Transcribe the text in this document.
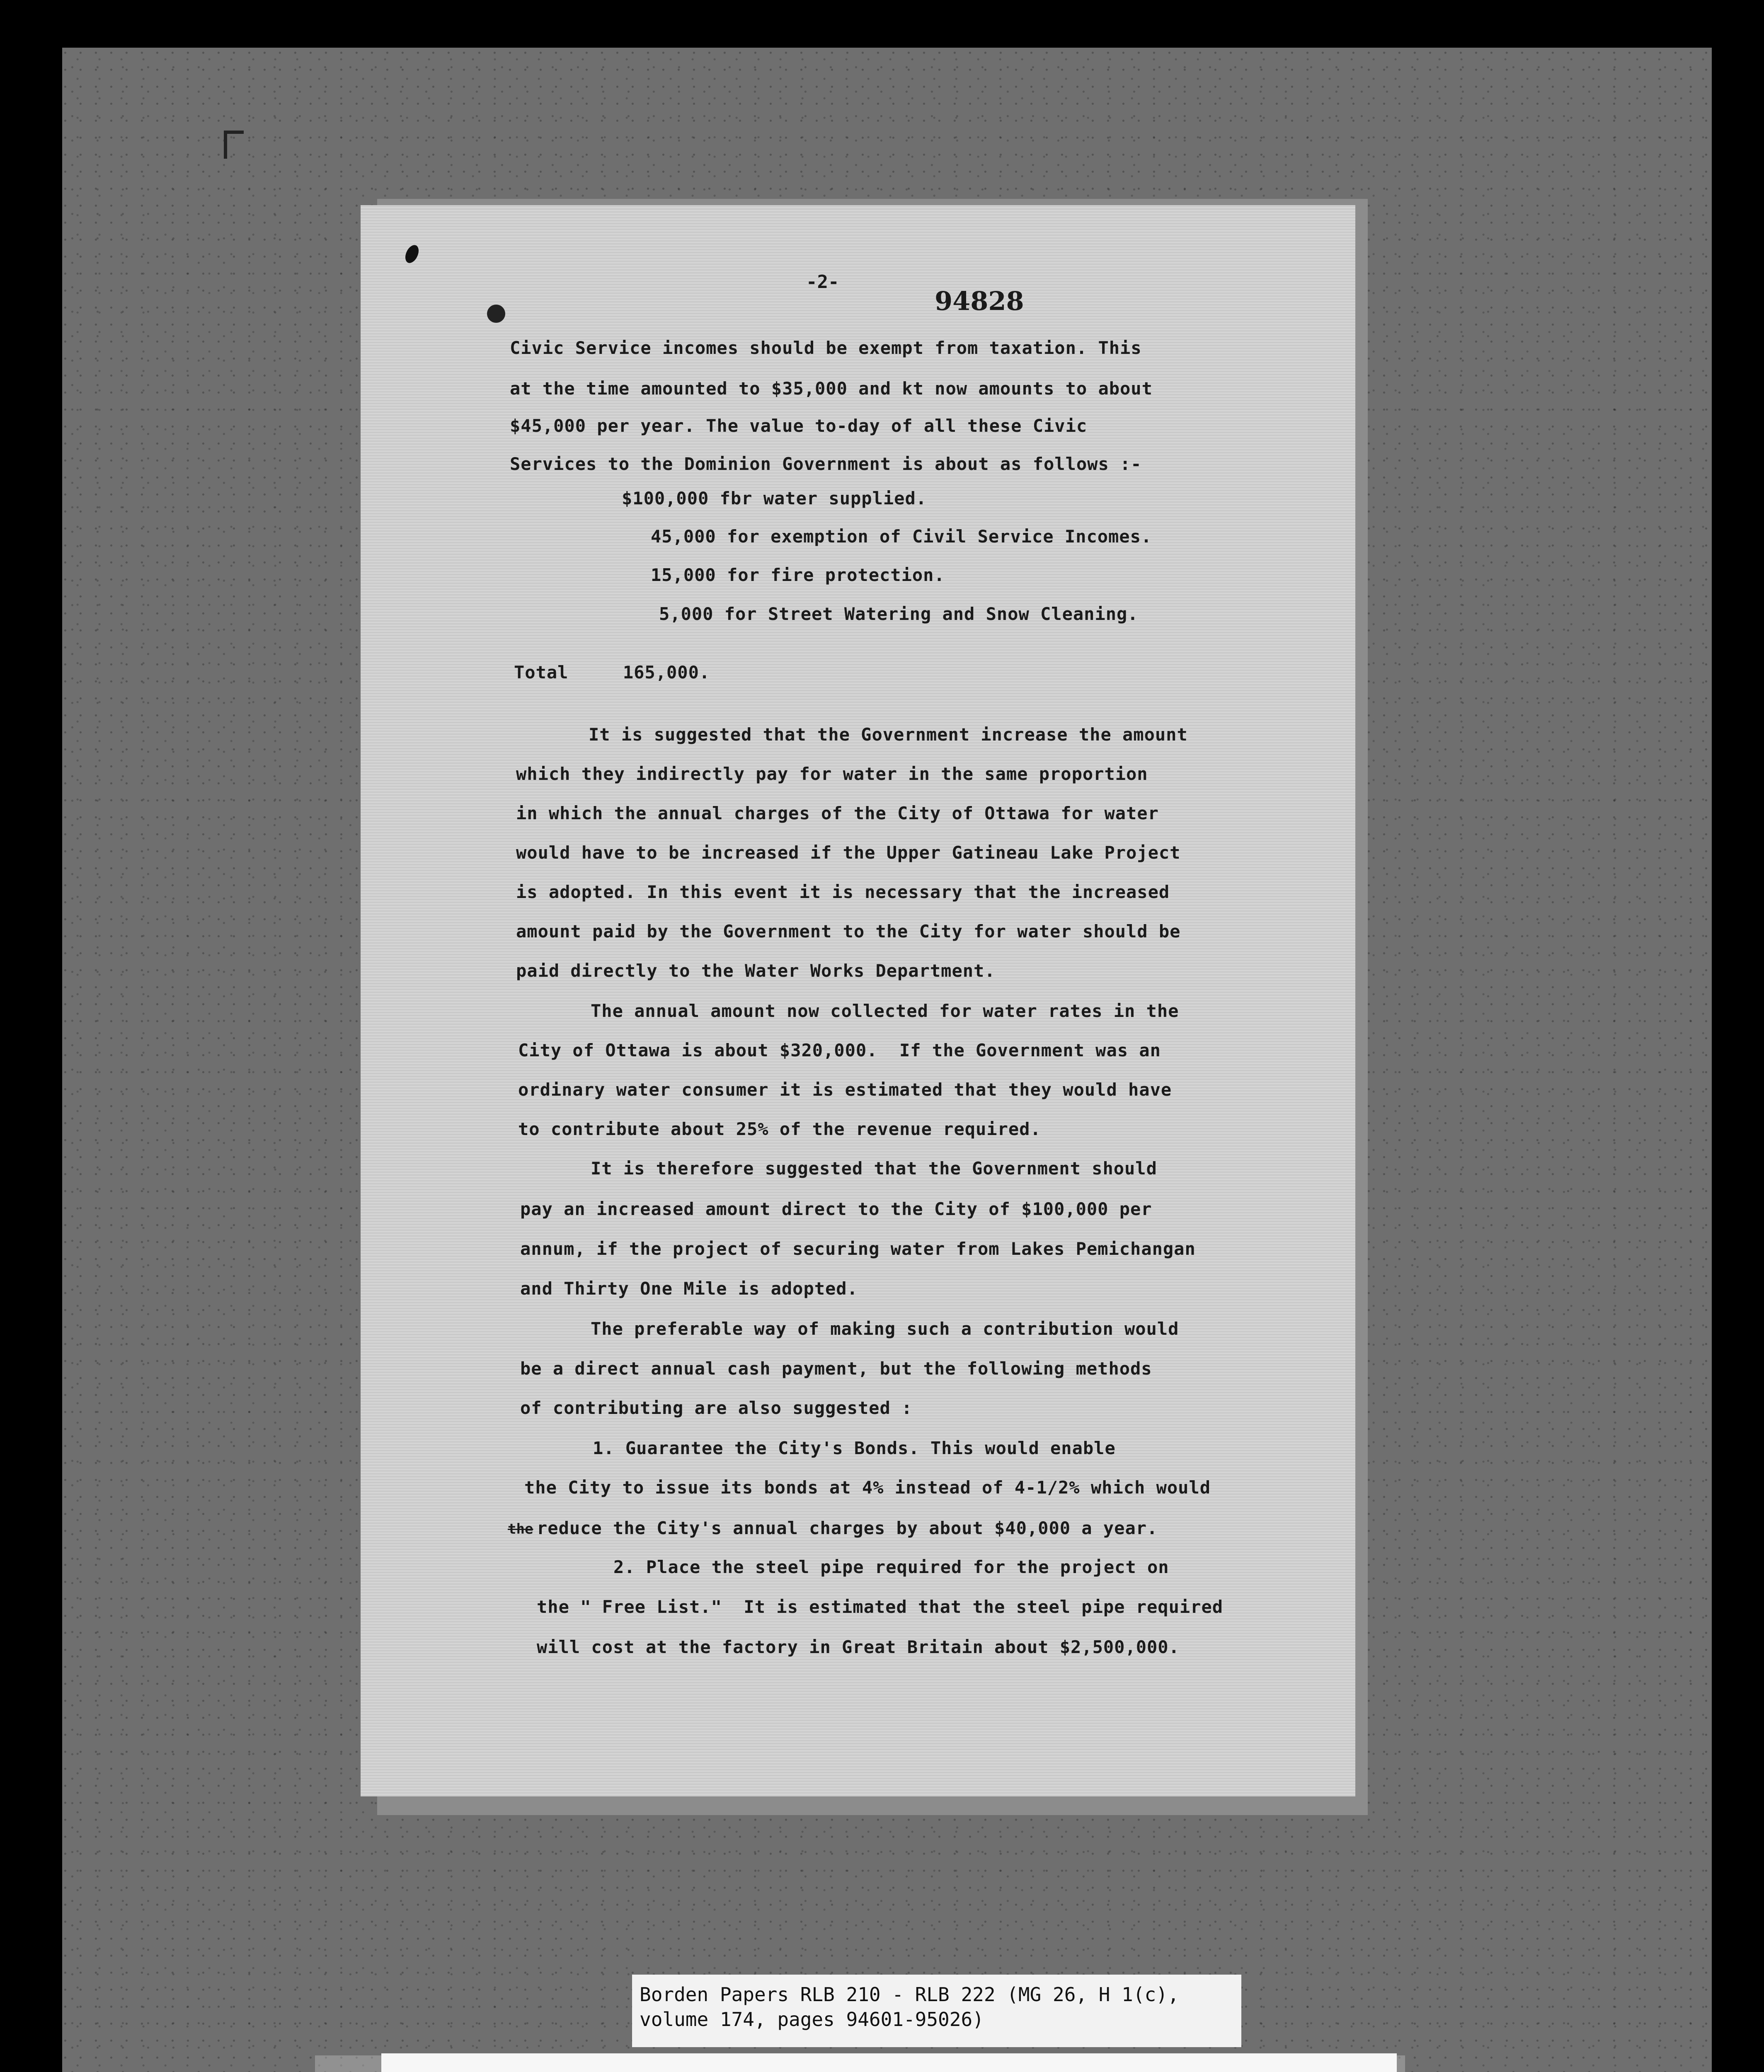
-2-
94828
Civic Service incomes should be exempt from taxation. This
at the time amounted to $35,000 and kt now amounts to about
$45,000 per year. The value to-day of all these Civic
Services to the Dominion Government is about as follows :-
$100,000 fbr water supplied.
45,000 for exemption of Civil Service Incomes.
15,000 for fire protection.
5,000 for Street Watering and Snow Cleaning.
Total     165,000.
It is suggested that the Government increase the amount
which they indirectly pay for water in the same proportion
in which the annual charges of the City of Ottawa for water
would have to be increased if the Upper Gatineau Lake Project
is adopted. In this event it is necessary that the increased
amount paid by the Government to the City for water should be
paid directly to the Water Works Department.
The annual amount now collected for water rates in the
City of Ottawa is about $320,000.  If the Government was an
ordinary water consumer it is estimated that they would have
to contribute about 25% of the revenue required.
It is therefore suggested that the Government should
pay an increased amount direct to the City of $100,000 per
annum, if the project of securing water from Lakes Pemichangan
and Thirty One Mile is adopted.
The preferable way of making such a contribution would
be a direct annual cash payment, but the following methods
of contributing are also suggested :
1. Guarantee the City's Bonds. This would enable
the
the City to issue its bonds at 4% instead of 4-1/2% which would
reduce the City's annual charges by about $40,000 a year.
2. Place the steel pipe required for the project on
the " Free List."  It is estimated that the steel pipe required
will cost at the factory in Great Britain about $2,500,000.
Borden Papers RLB 210 - RLB 222 (MG 26, H 1(c),
volume 174, pages 94601-95026)
